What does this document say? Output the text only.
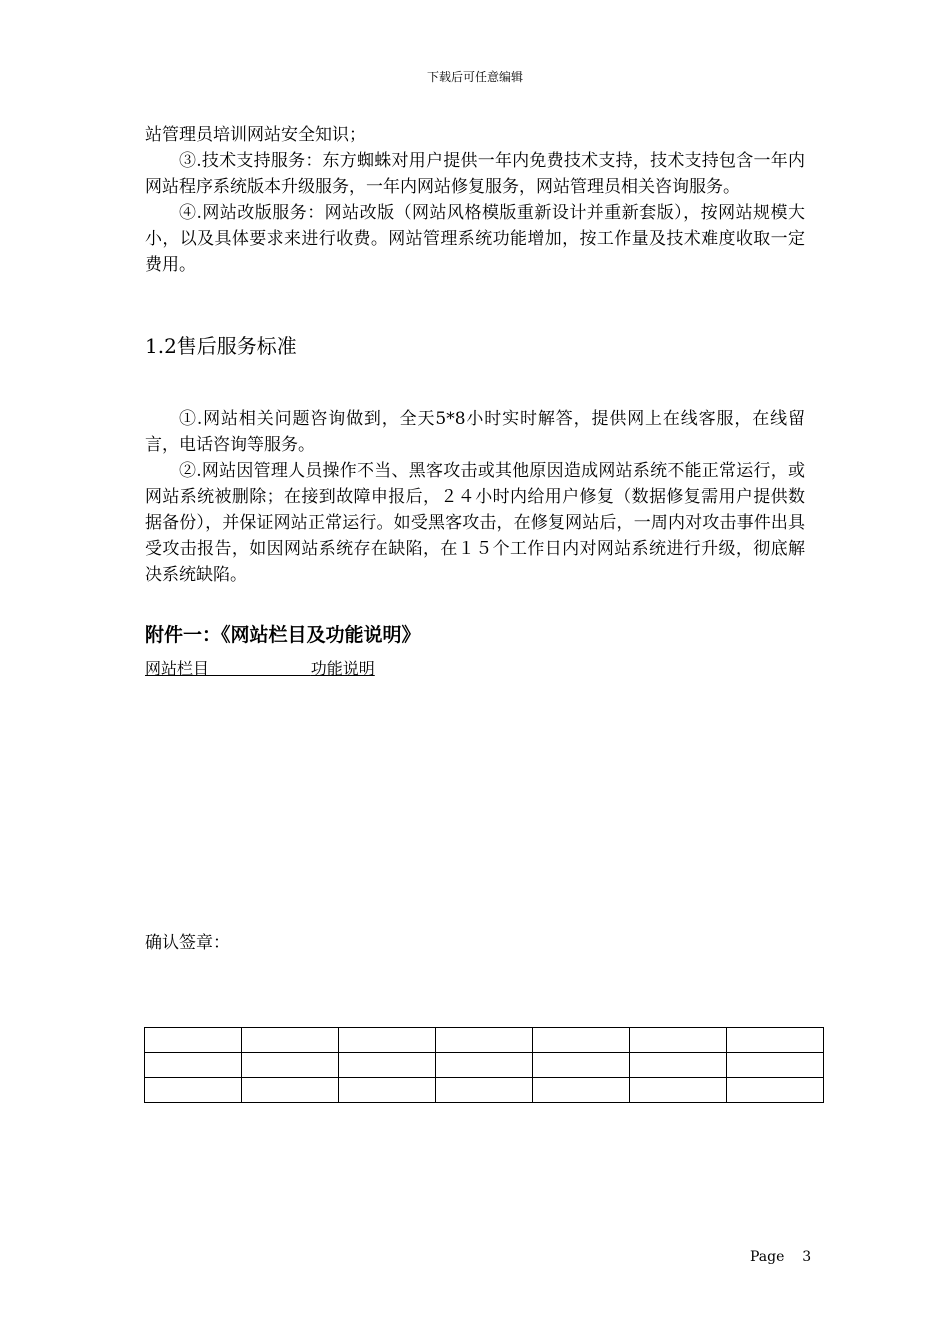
下载后可任意编辑

站管理员培训网站安全知识；

③.技术支持服务：东方蜘蛛对用户提供一年内免费技术支持，技术支持包含一年内网站程序系统版本升级服务，一年内网站修复服务，网站管理员相关咨询服务。

④.网站改版服务：网站改版（网站风格模版重新设计并重新套版），按网站规模大小，以及具体要求来进行收费。网站管理系统功能增加，按工作量及技术难度收取一定费用。

1.2售后服务标准

①.网站相关问题咨询做到，全天5*8小时实时解答，提供网上在线客服，在线留言，电话咨询等服务。

②.网站因管理人员操作不当、黑客攻击或其他原因造成网站系统不能正常运行，或网站系统被删除；在接到故障申报后，２４小时内给用户修复（数据修复需用户提供数据备份），并保证网站正常运行。如受黑客攻击，在修复网站后，一周内对攻击事件出具受攻击报告，如因网站系统存在缺陷，在１５个工作日内对网站系统进行升级，彻底解决系统缺陷。

附件一：《网站栏目及功能说明》

网站栏目	功能说明

确认签章：

Page 3
